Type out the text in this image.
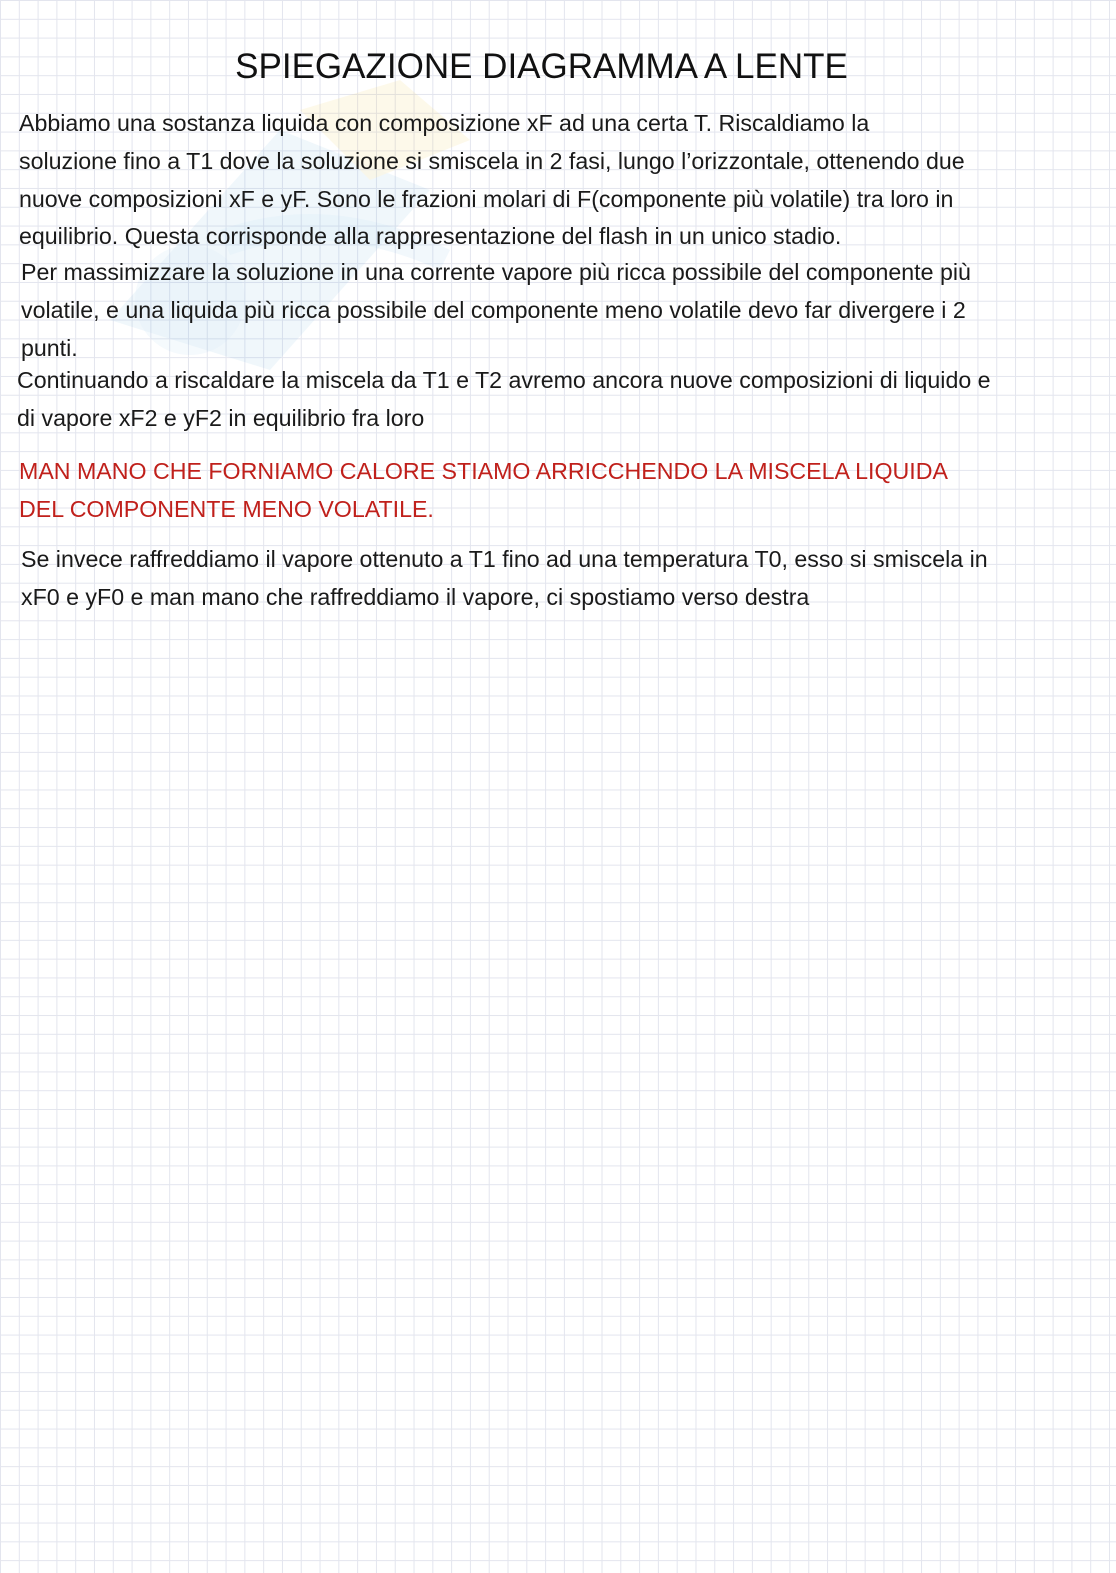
SPIEGAZIONE DIAGRAMMA A LENTE

Abbiamo una sostanza liquida con composizione xF ad una certa T. Riscaldiamo la
soluzione fino a T1 dove la soluzione si smiscela in 2 fasi, lungo l’orizzontale, ottenendo due
nuove composizioni xF e yF. Sono le frazioni molari di F(componente più volatile) tra loro in
equilibrio. Questa corrisponde alla rappresentazione del flash in un unico stadio.

Per massimizzare la soluzione in una corrente vapore più ricca possibile del componente più
volatile, e una liquida più ricca possibile del componente meno volatile devo far divergere i 2
punti.

Continuando a riscaldare la miscela da T1 e T2 avremo ancora nuove composizioni di liquido e
di vapore xF2 e yF2 in equilibrio fra loro

MAN MANO CHE FORNIAMO CALORE STIAMO ARRICCHENDO LA MISCELA LIQUIDA
DEL COMPONENTE MENO VOLATILE.

Se invece raffreddiamo il vapore ottenuto a T1 fino ad una temperatura T0, esso si smiscela in
xF0 e yF0 e man mano che raffreddiamo il vapore, ci spostiamo verso destra
